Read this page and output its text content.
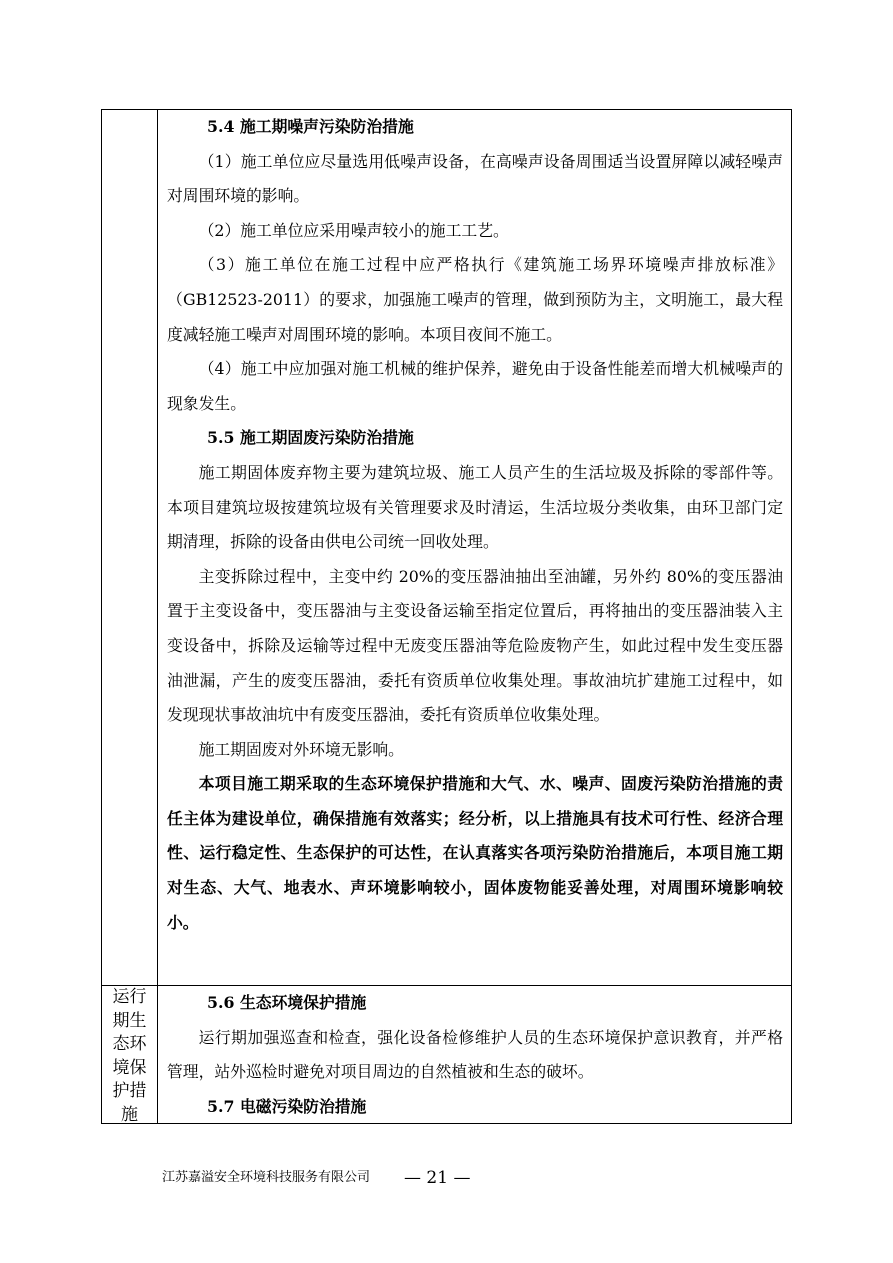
5.4 施工期噪声污染防治措施

（1）施工单位应尽量选用低噪声设备，在高噪声设备周围适当设置屏障以减轻噪声对周围环境的影响。

（2）施工单位应采用噪声较小的施工工艺。

（3）施工单位在施工过程中应严格执行《建筑施工场界环境噪声排放标准》（GB12523-2011）的要求，加强施工噪声的管理，做到预防为主，文明施工，最大程度减轻施工噪声对周围环境的影响。本项目夜间不施工。

（4）施工中应加强对施工机械的维护保养，避免由于设备性能差而增大机械噪声的现象发生。

5.5 施工期固废污染防治措施

施工期固体废弃物主要为建筑垃圾、施工人员产生的生活垃圾及拆除的零部件等。本项目建筑垃圾按建筑垃圾有关管理要求及时清运，生活垃圾分类收集，由环卫部门定期清理，拆除的设备由供电公司统一回收处理。

主变拆除过程中，主变中约 20%的变压器油抽出至油罐，另外约 80%的变压器油置于主变设备中，变压器油与主变设备运输至指定位置后，再将抽出的变压器油装入主变设备中，拆除及运输等过程中无废变压器油等危险废物产生，如此过程中发生变压器油泄漏，产生的废变压器油，委托有资质单位收集处理。事故油坑扩建施工过程中，如发现现状事故油坑中有废变压器油，委托有资质单位收集处理。

施工期固废对外环境无影响。

本项目施工期采取的生态环境保护措施和大气、水、噪声、固废污染防治措施的责任主体为建设单位，确保措施有效落实；经分析，以上措施具有技术可行性、经济合理性、运行稳定性、生态保护的可达性，在认真落实各项污染防治措施后，本项目施工期对生态、大气、地表水、声环境影响较小，固体废物能妥善处理，对周围环境影响较小。

运行
期生
态环
境保
护措
施

5.6 生态环境保护措施

运行期加强巡查和检查，强化设备检修维护人员的生态环境保护意识教育，并严格管理，站外巡检时避免对项目周边的自然植被和生态的破坏。

5.7 电磁污染防治措施

江苏嘉溢安全环境科技服务有限公司 — 21 —
